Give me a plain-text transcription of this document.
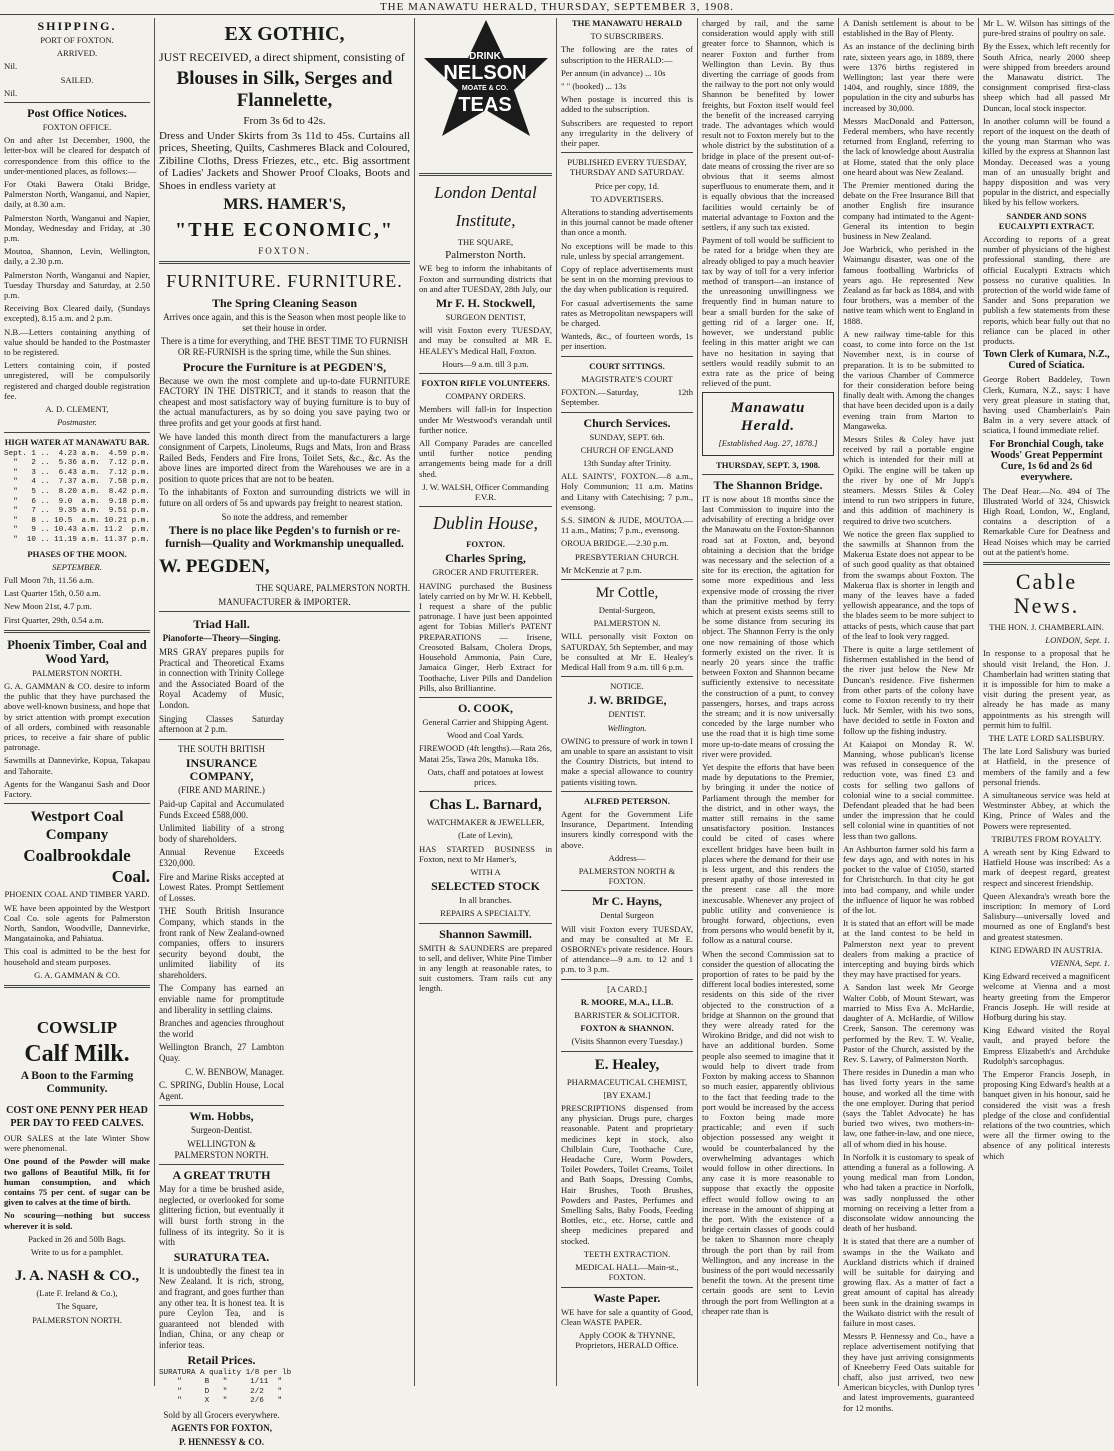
THE MANAWATU HERALD, THURSDAY, SEPTEMBER 3, 1908.
SHIPPING.

PORT OF FOXTON.

ARRIVED.

Nil.

SAILED.

Nil.

Post Office Notices.

FOXTON OFFICE.

On and after 1st December, 1900, the letter-box will be cleared for despatch of correspondence from this office to the under-mentioned places, as follows:—

For Otaki Bawera Otaki Bridge, Palmerston North, Wanganui, and Napier, daily, at 8.30 a.m.

Palmerston North, Wanganui and Napier, Monday, Wednesday and Friday, at .30 p.m.

Moutoa, Shannon, Levin, Wellington, daily, a 2.30 p.m.

Palmerston North, Wanganui and Napier, Tuesday Thursday and Saturday, at 2.50 p.m.

Receiving Box Cleared daily, (Sundays excepted), 8.15 a.m. and 2 p.m.

N.B.—Letters containing anything of value should be handed to the Postmaster to be registered.

Letters containing coin, if posted unregistered, will be compulsorily registered and charged double registration fee.

A. D. CLEMENT,

Postmaster.

HIGH WATER AT MANAWATU BAR.

Sept. 1 ..  4.23 a.m.  4.59 p.m.
"   2 ..  5.36 a.m.  7.12 p.m.
"   3 ..  6.43 a.m.  7.12 p.m.
"   4 ..  7.37 a.m.  7.58 p.m.
"   5 ..  8.20 a.m.  8.42 p.m.
"   6 ..  9.0  a.m.  9.18 p.m.
"   7 ..  9.35 a.m.  9.51 p.m.
"   8 .. 10.5  a.m. 10.21 p.m.
"   9 .. 10.43 a.m. 11.2  p.m.
"  10 .. 11.19 a.m. 11.37 p.m.

PHASES OF THE MOON.

SEPTEMBER.

Full Moon 7th, 11.56 a.m.

Last Quarter 15th, 0.50 a.m.

New Moon 21st, 4.7 p.m.

First Quarter, 29th, 0.54 a.m.

Phoenix Timber, Coal and Wood Yard,

PALMERSTON NORTH.

G. A. GAMMAN & CO. desire to inform the public that they have purchased the above well-known business, and hope that by strict attention with prompt execution of all orders, combined with reasonable prices, to receive a fair share of public patronage.

Sawmills at Dannevirke, Kopua, Takapau and Tahoraite.

Agents for the Wanganui Sash and Door Factory.

Westport Coal Company
Coalbrookdale
Coal.

PHOENIX COAL AND TIMBER YARD.

WE have been appointed by the Westport Coal Co. sole agents for Palmerston North, Sandon, Woodville, Dannevirke, Mangatainoka, and Pahiatua.

This coal is admitted to be the best for household and steam purposes.

G. A. GAMMAN & CO.

COWSLIP
Calf Milk.
A Boon to the Farming Community.

COST ONE PENNY PER HEAD PER DAY TO FEED CALVES.

OUR SALES at the late Winter Show were phenomenal.

One pound of the Powder will make two gallons of Beautiful Milk, fit for human consumption, and which contains 75 per cent. of sugar can be given to calves at the time of birth.

No scouring—nothing but success wherever it is sold.

Packed in 26 and 50lb Bags.

Write to us for a pamphlet.

J. A. NASH & CO.,

(Late F. Ireland & Co.),

The Square,

PALMERSTON NORTH.

EX GOTHIC,

JUST RECEIVED, a direct shipment, consisting of

Blouses in Silk, Serges and Flannelette,

From 3s 6d to 42s.

Dress and Under Skirts from 3s 11d to 45s. Curtains all prices, Sheeting, Quilts, Cashmeres Black and Coloured, Zibiline Cloths, Dress Friezes, etc., etc. Big assortment of Ladies' Jackets and Shower Proof Cloaks, Boots and Shoes in endless variety at

MRS. HAMER'S,
"THE ECONOMIC,"

FOXTON.

FURNITURE. FURNITURE.
The Spring Cleaning Season

Arrives once again, and this is the Season when most people like to set their house in order.

There is a time for everything, and THE BEST TIME TO FURNISH OR RE-FURNISH is the spring time, while the Sun shines.

Procure the Furniture is at PEGDEN'S,

Because we own the most complete and up-to-date FURNITURE FACTORY IN THE DISTRICT, and it stands to reason that the cheapest and most satisfactory way of buying furniture is to buy of the actual manufacturers, as by so doing you save paying two or three profits and get your goods at first hand.

We have landed this month direct from the manufacturers a large consignment of Carpets, Linoleums, Rugs and Mats, Iron and Brass Railed Beds, Fenders and Fire Irons, Toilet Sets, &c., &c. As the above lines are imported direct from the Warehouses we are in a position to quote prices that are not to be beaten.

To the inhabitants of Foxton and surrounding districts we will in future on all orders of 5s and upwards pay freight to nearest station.

So note the address, and remember

There is no place like Pegden's to furnish or re-furnish—Quality and Workmanship unequalled.
W. PEGDEN,

THE SQUARE, PALMERSTON NORTH.

MANUFACTURER & IMPORTER.

Triad Hall.

Pianoforte—Theory—Singing.

MRS GRAY prepares pupils for Practical and Theoretical Exams in connection with Trinity College and the Associated Board of the Royal Academy of Music, London.

Singing Classes Saturday afternoon at 2 p.m.

THE SOUTH BRITISH

INSURANCE COMPANY,

(FIRE AND MARINE.)

Paid-up Capital and Accumulated Funds Exceed £588,000.

Unlimited liability of a strong body of shareholders.

Annual Revenue Exceeds £320,000.

Fire and Marine Risks accepted at Lowest Rates. Prompt Settlement of Losses.

THE South British Insurance Company, which stands in the front rank of New Zealand-owned companies, offers to insurers security beyond doubt, the unlimited liability of its shareholders.

The Company has earned an enviable name for promptitude and liberality in settling claims.

Branches and agencies throughout the world

Wellington Branch, 27 Lambton Quay.

C. W. BENBOW, Manager.

C. SPRING, Dublin House, Local Agent.

Wm. Hobbs,

Surgeon-Dentist.

WELLINGTON & PALMERSTON NORTH.

A GREAT TRUTH

May for a time be brushed aside, neglected, or overlooked for some glittering fiction, but eventually it will burst forth strong in the fullness of its integrity. So it is with

SURATURA TEA.

It is undoubtedly the finest tea in New Zealand. It is rich, strong, and fragrant, and goes further than any other tea. It is honest tea. It is pure Ceylon Tea, and is guaranteed not blended with Indian, China, or any cheap or inferior teas.

Retail Prices.
SURATURA A quality 1/8 per lb
"     B   "     1/11  "
"     D   "     2/2   "
"     X   "     2/6   "

Sold by all Grocers everywhere.

AGENTS FOR FOXTON,

P. HENNESSY & CO.

DRINK
NELSON
MOATE & CO.
TEAS
London Dental
Institute,

THE SQUARE,

Palmerston North.

WE beg to inform the inhabitants of Foxton and surrounding districts that on and after TUESDAY, 28th July, our

Mr F. H. Stockwell,

SURGEON DENTIST,

will visit Foxton every TUESDAY, and may be consulted at MR E. HEALEY's Medical Hall, Foxton.

Hours—9 a.m. till 3 p.m.

FOXTON RIFLE VOLUNTEERS.

COMPANY ORDERS.

Members will fall-in for Inspection under Mr Westwood's verandah until further notice.

All Company Parades are cancelled until further notice pending arrangements being made for a drill shed.

J. W. WALSH, Officer Commanding F.V.R.

Dublin House,

FOXTON.

Charles Spring,

GROCER AND FRUITERER.

HAVING purchased the Business lately carried on by Mr W. H. Kebbell, I request a share of the public patronage. I have just been appointed agent for Tobias Miller's PATENT PREPARATIONS — Irisene, Creosoted Balsam, Cholera Drops, Household Ammonia, Pain Cure, Jamaica Ginger, Herb Extract for Toothache, Liver Pills and Dandelion Pills, also Brilliantine.

O. COOK,

General Carrier and Shipping Agent.

Wood and Coal Yards.

FIREWOOD (4ft lengths).—Rata 26s, Matai 25s, Tawa 20s, Manuka 18s.

Oats, chaff and potatoes at lowest prices.

Chas L. Barnard,

WATCHMAKER & JEWELLER,

(Late of Levin),

HAS STARTED BUSINESS in Foxton, next to Mr Hamer's,

WITH A

SELECTED STOCK

In all branches.

REPAIRS A SPECIALTY.

Shannon Sawmill.

SMITH & SAUNDERS are prepared to sell, and deliver, White Pine Timber in any length at reasonable rates, to suit customers. Tram rails cut any length.

THE MANAWATU HERALD

TO SUBSCRIBERS.

The following are the rates of subscription to the HERALD:—

Per annum (in advance) ... 10s

" " (booked) ... 13s

When postage is incurred this is added to the subscription.

Subscribers are requested to report any irregularity in the delivery of their paper.

PUBLISHED EVERY TUESDAY, THURSDAY AND SATURDAY.

Price per copy, 1d.

TO ADVERTISERS.

Alterations to standing advertisements in this journal cannot be made oftener than once a month.

No exceptions will be made to this rule, unless by special arrangement.

Copy of replace advertisements must be sent in on the morning previous to the day when publication is required.

For casual advertisements the same rates as Metropolitan newspapers will be charged.

Wanteds, &c., of fourteen words, 1s per insertion.

COURT SITTINGS.

MAGISTRATE'S COURT

FOXTON.—Saturday, 12th September.

Church Services.

SUNDAY, SEPT. 6th.

CHURCH OF ENGLAND

13th Sunday after Trinity.

ALL SAINTS', FOXTON.—8 a.m., Holy Communion; 11 a.m. Matins and Litany with Catechising; 7 p.m., evensong.

S.S. SIMON & JUDE, MOUTOA.—11 a.m., Matins; 7 p.m., evensong.

OROUA BRIDGE.—2.30 p.m.

PRESBYTERIAN CHURCH.

Mr McKenzie at 7 p.m.

Mr Cottle,

Dental-Surgeon,

PALMERSTON N.

WILL personally visit Foxton on SATURDAY, 5th September, and may be consulted at Mr E. Healey's Medical Hall from 9 a.m. till 6 p.m.

NOTICE.

J. W. BRIDGE,

DENTIST.

Wellington.

OWING to pressure of work in town I am unable to spare an assistant to visit the Country Districts, but intend to make a special allowance to country patients visiting town.

ALFRED PETERSON.

Agent for the Government Life Insurance, Department. Intending insurers kindly correspond with the above.

Address—

PALMERSTON NORTH & FOXTON.

Mr C. Hayns,

Dental Surgeon

Will visit Foxton every TUESDAY, and may be consulted at Mr E. OSBORNE's private residence. Hours of attendance—9 a.m. to 12 and 1 p.m. to 3 p.m.

[A CARD.]

R. MOORE, M.A., LL.B.

BARRISTER & SOLICITOR.

FOXTON & SHANNON.

(Visits Shannon every Tuesday.)

E. Healey,

PHARMACEUTICAL CHEMIST,

[BY EXAM.]

PRESCRIPTIONS dispensed from any physician. Drugs pure, charges reasonable. Patent and proprietary medicines kept in stock, also Chilblain Cure, Toothache Cure, Headache Cure, Worm Powders, Toilet Powders, Toilet Creams, Toilet and Bath Soaps, Dressing Combs, Hair Brushes, Tooth Brushes, Powders and Pastes, Perfumes and Smelling Salts, Baby Foods, Feeding Bottles, etc., etc. Horse, cattle and sheep medicines prepared and stocked.

TEETH EXTRACTION.

MEDICAL HALL—Main-st., FOXTON.

Waste Paper.

WE have for sale a quantity of Good, Clean WASTE PAPER.

Apply COOK & THYNNE, Proprietors, HERALD Office.

charged by rail, and the same consideration would apply with still greater force to Shannon, which is nearer Foxton and further from Wellington than Levin. By thus diverting the carriage of goods from the railway to the port not only would Shannon be benefited by lower freights, but Foxton itself would feel the benefit of the increased carrying trade. The advantages which would result not to Foxton merely but to the whole district by the substitution of a bridge in place of the present out-of-date means of crossing the river are so obvious that it seems almost superfluous to enumerate them, and it is equally obvious that the increased facilities would certainly be of material advantage to Foxton and the settlers, if any such tax existed.

Payment of toll would be sufficient to be rated for a bridge when they are already obliged to pay a much heavier tax by way of toll for a very inferior method of transport—an instance of the unreasoning unwillingness we frequently find in human nature to bear a small burden for the sake of getting rid of a larger one. If, however, we understand public feeling in this matter aright we can have no hesitation in saying that settlers would readily submit to an extra rate as the price of being relieved of the punt.

Manawatu Herald.

[Established Aug. 27, 1878.]

THURSDAY, SEPT. 3, 1908.

The Shannon Bridge.

IT is now about 18 months since the last Commission to inquire into the advisability of erecting a bridge over the Manawatu on the Foxton-Shannon road sat at Foxton, and, beyond obtaining a decision that the bridge was necessary and the selection of a site for its erection, the agitation for some more expeditious and less expensive mode of crossing the river than the primitive method by ferry which at present exists seems still to be some distance from securing its object. The Shannon Ferry is the only one now remaining of those which formerly existed on the river. It is nearly 20 years since the traffic between Foxton and Shannon became sufficiently extensive to necessitate the construction of a punt, to convey passengers, horses, and traps across the stream; and it is now universally conceded by the large number who use the road that it is high time some more up-to-date means of crossing the river were provided.

Yet despite the efforts that have been made by deputations to the Premier, by bringing it under the notice of Parliament through the member for the district, and in other ways, the matter still remains in the same unsatisfactory position. Instances could be cited of cases where excellent bridges have been built in places where the demand for their use is less urgent, and this renders the present apathy of those interested in the present case all the more inexcusable. Whenever any project of public utility and convenience is brought forward, objections, even from persons who would benefit by it, follow as a natural course.

When the second Commission sat to consider the question of allocating the proportion of rates to be paid by the different local bodies interested, some residents on this side of the river objected to the construction of a bridge at Shannon on the ground that they were already rated for the Wirokino Bridge, and did not wish to have an additional burden. Some people also seemed to imagine that it would help to divert trade from Foxton by making access to Shannon so much easier, apparently oblivious to the fact that feeding trade to the port would be increased by the access to Foxton being made more practicable; and even if such objection possessed any weight it would be counterbalanced by the overwhelming advantages which would follow in other directions. In any case it is more reasonable to suppose that exactly the opposite effect would follow owing to an increase in the amount of shipping at the port. With the existence of a bridge certain classes of goods could be taken to Shannon more cheaply through the port than by rail from Wellington, and any increase in the business of the port would necessarily benefit the town. At the present time certain goods are sent to Levin through the port from Wellington at a cheaper rate than is

A Danish settlement is about to be established in the Bay of Plenty.

As an instance of the declining birth rate, sixteen years ago, in 1889, there were 1376 births registered in Wellington; last year there were 1404, and roughly, since 1889, the population in the city and suburbs has increased by 30,000.

Messrs MacDonald and Patterson, Federal members, who have recently returned from England, referring to the lack of knowledge about Australia at Home, stated that the only place one heard about was New Zealand.

The Premier mentioned during the debate on the Free Insurance Bill that another English fire insurance company had intimated to the Agent-General its intention to begin business in New Zealand.

Joe Warbrick, who perished in the Waimangu disaster, was one of the famous footballing Warbricks of years ago. He represented New Zealand as far back as 1884, and with four brothers, was a member of the native team which went to England in 1888.

A new railway time-table for this coast, to come into force on the 1st November next, is in course of preparation. It is to be submitted to the various Chamber of Commerce for their consideration before being finally dealt with. Among the changes that have been decided upon is a daily evening train from Marton to Mangaweka.

Messrs Stiles & Coley have just received by rail a portable engine which is intended for their mill at Opiki. The engine will be taken up the river by one of Mr Jupp's steamers. Messrs Stiles & Coley intend to run two strippers in future, and this addition of machinery is required to drive two scutchers.

We notice the green flax supplied to the sawmills at Shannon from the Makerua Estate does not appear to be of such good quality as that obtained from the swamps about Foxton. The Makerua flax is shorter in length and many of the leaves have a faded yellowish appearance, and the tops of the blades seem to be more subject to attacks of pests, which cause that part of the leaf to look very ragged.

There is quite a large settlement of fishermen established in the bend of the river just below the New Mr Duncan's residence. Five fishermen from other parts of the colony have come to Foxton recently to try their luck. Mr Semler, with his two sons, have decided to settle in Foxton and follow up the fishing industry.

At Kaiapoi on Monday R. W. Manning, whose publican's license was refused in consequence of the reduction vote, was fined £3 and costs for selling two gallons of colonial wine to a social committee. Defendant pleaded that he had been under the impression that he could sell colonial wine in quantities of not less than two gallons.

An Ashburton farmer sold his farm a few days ago, and with notes in his pocket to the value of £1050, started for Christchurch. In that city he got into bad company, and while under the influence of liquor he was robbed of the lot.

It is stated that an effort will be made at the land contest to be held in Palmerston next year to prevent dealers from making a practice of intercepting and buying birds which they may have practised for years.

A Sandon last week Mr George Walter Cobb, of Mount Stewart, was married to Miss Eva A. McHardie, daughter of A. McHardie, of Willow Creek, Sanson. The ceremony was performed by the Rev. T. W. Vealie, Pastor of the Church, assisted by the Rev. S. Lawry, of Palmerston North.

There resides in Dunedin a man who has lived forty years in the same house, and worked all the time with the one employer. During that period (says the Tablet Advocate) he has buried two wives, two mothers-in-law, one father-in-law, and one niece, all of whom died in his house.

In Norfolk it is customary to speak of attending a funeral as a following. A young medical man from London, who had taken a practice in Norfolk, was sadly nonplussed the other morning on receiving a letter from a disconsolate widow announcing the death of her husband.

It is stated that there are a number of swamps in the the Waikato and Auckland districts which if drained will be suitable for dairying and growing flax. As a matter of fact a great amount of capital has already been sunk in the draining swamps in the Waikato district with the result of failure in most cases.

Messrs P. Hennessy and Co., have a replace advertisement notifying that they have just arriving consignments of Kneeberry Feed Oats suitable for chaff, also just arrived, two new American bicycles, with Dunlop tyres and latest improvements, guaranteed for 12 months.

Mr L. W. Wilson has sittings of the pure-bred strains of poultry on sale.

By the Essex, which left recently for South Africa, nearly 2000 sheep were shipped from breeders around the Manawatu district. The consignment comprised first-class sheep which had all passed Mr Duncan, local stock inspector.

In another column will be found a report of the inquest on the death of the young man Starman who was killed by the express at Shannon last Monday. Deceased was a young man of an unusually bright and happy disposition and was very popular in the district, and especially liked by his fellow workers.

SANDER AND SONS EUCALYPTI EXTRACT.

According to reports of a great number of physicians of the highest professional standing, there are official Eucalypti Extracts which possess no curative qualities. In protection of the world wide fame of Sander and Sons preparation we publish a few statements from these reports, which bear fully out that no reliance can be placed in other products.

Town Clerk of Kumara, N.Z., Cured of Sciatica.

George Robert Baddeley, Town Clerk, Kumara, N.Z., says: I have very great pleasure in stating that, having used Chamberlain's Pain Balm in a very severe attack of sciatica, I found immediate relief.

For Bronchial Cough, take Woods' Great Peppermint Cure, 1s 6d and 2s 6d everywhere.

The Deaf Hear.—No. 494 of The Illustrated World of 324, Chiswick High Road, London, W., England, contains a description of a Remarkable Cure for Deafness and Head Noises which may be carried out at the patient's home.

Cable News.

THE HON. J. CHAMBERLAIN.

LONDON, Sept. 1.

In response to a proposal that he should visit Ireland, the Hon. J. Chamberlain had written stating that it is impossible for him to make a visit during the present year, as already he has made as many appointments as his strength will permit him to fulfil.

THE LATE LORD SALISBURY.

The late Lord Salisbury was buried at Hatfield, in the presence of members of the family and a few personal friends.

A simultaneous service was held at Westminster Abbey, at which the King, Prince of Wales and the Powers were represented.

TRIBUTES FROM ROYALTY.

A wreath sent by King Edward to Hatfield House was inscribed: As a mark of deepest regard, greatest respect and sincerest friendship.

Queen Alexandra's wreath bore the inscription: In memory of Lord Salisbury—universally loved and mourned as one of England's best and greatest statesmen.

KING EDWARD IN AUSTRIA.

VIENNA, Sept. 1.

King Edward received a magnificent welcome at Vienna and a most hearty greeting from the Emperor Francis Joseph. He will reside at Hofburg during his stay.

King Edward visited the Royal vault, and prayed before the Empress Elizabeth's and Archduke Rudolph's sarcophagus.

The Emperor Francis Joseph, in proposing King Edward's health at a banquet given in his honour, said he considered the visit was a fresh pledge of the close and confidential relations of the two countries, which were all the firmer owing to the absence of any political interests which
